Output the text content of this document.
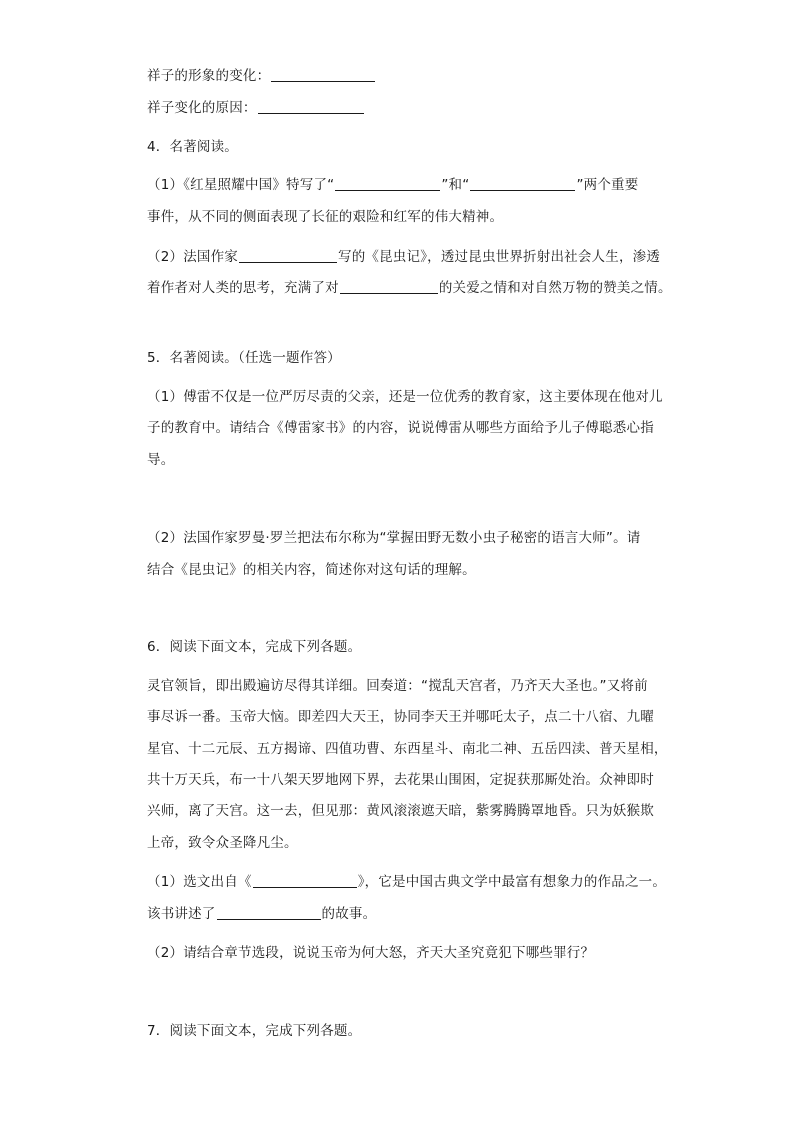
祥子的形象的变化：
祥子变化的原因：
4．名著阅读。
（1）《红星照耀中国》特写了“	”和“	”两个重要
事件，从不同的侧面表现了长征的艰险和红军的伟大精神。
（2）法国作家	写的《昆虫记》，透过昆虫世界折射出社会人生，渗透
着作者对人类的思考，充满了对	的关爱之情和对自然万物的赞美之情。
5．名著阅读。（任选一题作答）
（1）傅雷不仅是一位严厉尽责的父亲，还是一位优秀的教育家，这主要体现在他对儿
子的教育中。请结合《傅雷家书》的内容，说说傅雷从哪些方面给予儿子傅聪悉心指
导。
（2）法国作家罗曼·罗兰把法布尔称为“掌握田野无数小虫子秘密的语言大师”。请
结合《昆虫记》的相关内容，简述你对这句话的理解。
6．阅读下面文本，完成下列各题。
灵官领旨，即出殿遍访尽得其详细。回奏道：“搅乱天宫者，乃齐天大圣也。”又将前
事尽诉一番。玉帝大恼。即差四大天王，协同李天王并哪吒太子，点二十八宿、九曜
星官、十二元辰、五方揭谛、四值功曹、东西星斗、南北二神、五岳四渎、普天星相，
共十万天兵，布一十八架天罗地网下界，去花果山围困，定捉获那厮处治。众神即时
兴师，离了天宫。这一去，但见那：黄风滚滚遮天暗，紫雾腾腾罩地昏。只为妖猴欺
上帝，致令众圣降凡尘。
（1）选文出自《	》，它是中国古典文学中最富有想象力的作品之一。
该书讲述了	的故事。
（2）请结合章节选段，说说玉帝为何大怒，齐天大圣究竟犯下哪些罪行？
7．阅读下面文本，完成下列各题。
